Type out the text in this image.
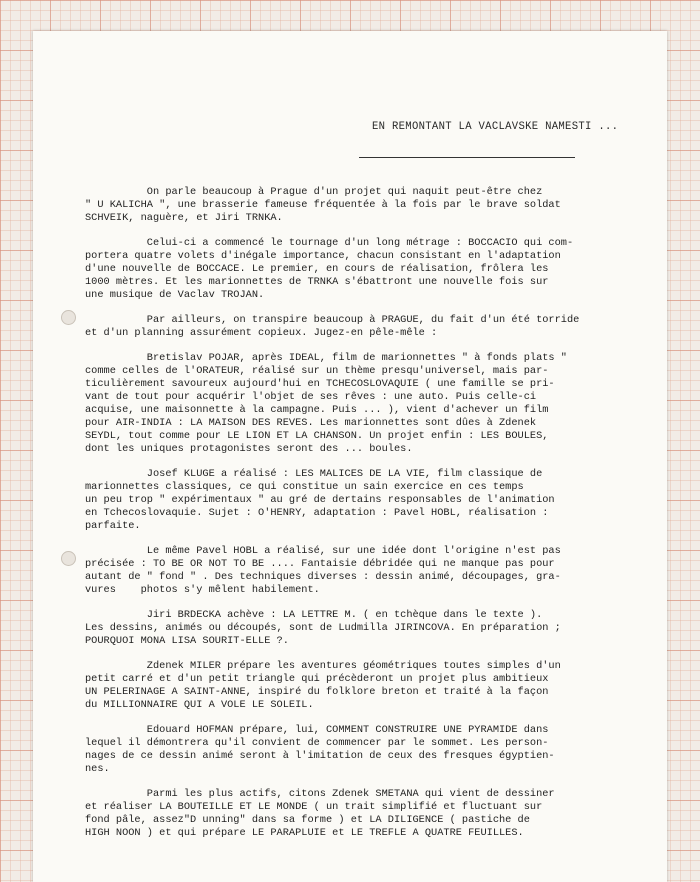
EN REMONTANT LA VACLAVSKE NAMESTI ...
On parle beaucoup à Prague d'un projet qui naquit peut-être chez
" U KALICHA ", une brasserie fameuse fréquentée à la fois par le brave soldat
SCHVEIK, naguère, et Jiri TRNKA.
Celui-ci a commencé le tournage d'un long métrage : BOCCACIO qui com-
portera quatre volets d'inégale importance, chacun consistant en l'adaptation
d'une nouvelle de BOCCACE. Le premier, en cours de réalisation, frôlera les
1000 mètres. Et les marionnettes de TRNKA s'ébattront une nouvelle fois sur
une musique de Vaclav TROJAN.
Par ailleurs, on transpire beaucoup à PRAGUE, du fait d'un été torride
et d'un planning assurément copieux. Jugez-en pêle-mêle :
Bretislav POJAR, après IDEAL, film de marionnettes " à fonds plats "
comme celles de l'ORATEUR, réalisé sur un thème presqu'universel, mais par-
ticulièrement savoureux aujourd'hui en TCHECOSLOVAQUIE ( une famille se pri-
vant de tout pour acquérir l'objet de ses rêves : une auto. Puis celle-ci
acquise, une maisonnette à la campagne. Puis ... ), vient d'achever un film
pour AIR-INDIA : LA MAISON DES REVES. Les marionnettes sont dûes à Zdenek
SEYDL, tout comme pour LE LION ET LA CHANSON. Un projet enfin : LES BOULES,
dont les uniques protagonistes seront des ... boules.
Josef KLUGE a réalisé : LES MALICES DE LA VIE, film classique de
marionnettes classiques, ce qui constitue un sain exercice en ces temps
un peu trop " expérimentaux " au gré de dertains responsables de l'animation
en Tchecoslovaquie. Sujet : O'HENRY, adaptation : Pavel HOBL, réalisation :
parfaite.
Le même Pavel HOBL a réalisé, sur une idée dont l'origine n'est pas
précisée : TO BE OR NOT TO BE .... Fantaisie débridée qui ne manque pas pour
autant de " fond " . Des techniques diverses : dessin animé, découpages, gra-
vures    photos s'y mêlent habilement.
Jiri BRDECKA achève : LA LETTRE M. ( en tchèque dans le texte ).
Les dessins, animés ou découpés, sont de Ludmilla JIRINCOVA. En préparation ;
POURQUOI MONA LISA SOURIT-ELLE ?.
Zdenek MILER prépare les aventures géométriques toutes simples d'un
petit carré et d'un petit triangle qui précèderont un projet plus ambitieux
UN PELERINAGE A SAINT-ANNE, inspiré du folklore breton et traité à la façon
du MILLIONNAIRE QUI A VOLE LE SOLEIL.
Edouard HOFMAN prépare, lui, COMMENT CONSTRUIRE UNE PYRAMIDE dans
lequel il démontrera qu'il convient de commencer par le sommet. Les person-
nages de ce dessin animé seront à l'imitation de ceux des fresques égyptien-
nes.
Parmi les plus actifs, citons Zdenek SMETANA qui vient de dessiner
et réaliser LA BOUTEILLE ET LE MONDE ( un trait simplifié et fluctuant sur
fond pâle, assez"D unning" dans sa forme ) et LA DILIGENCE ( pastiche de
HIGH NOON ) et qui prépare LE PARAPLUIE et LE TREFLE A QUATRE FEUILLES.
